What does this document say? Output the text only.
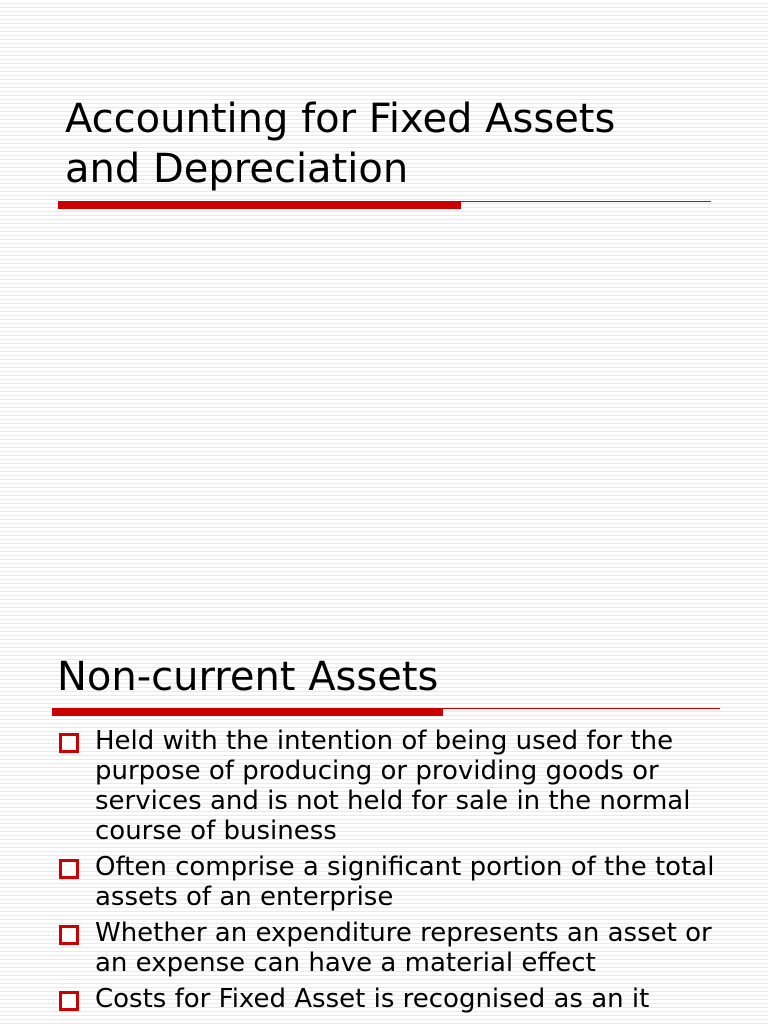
Accounting for Fixed Assets
and Depreciation
Non-current Assets
Held with the intention of being used for the purpose of producing or providing goods or services and is not held for sale in the normal course of business
Often comprise a significant portion of the total assets of an enterprise
Whether an expenditure represents an asset or an expense can have a material effect
Costs for Fixed Asset is recognised as an it
